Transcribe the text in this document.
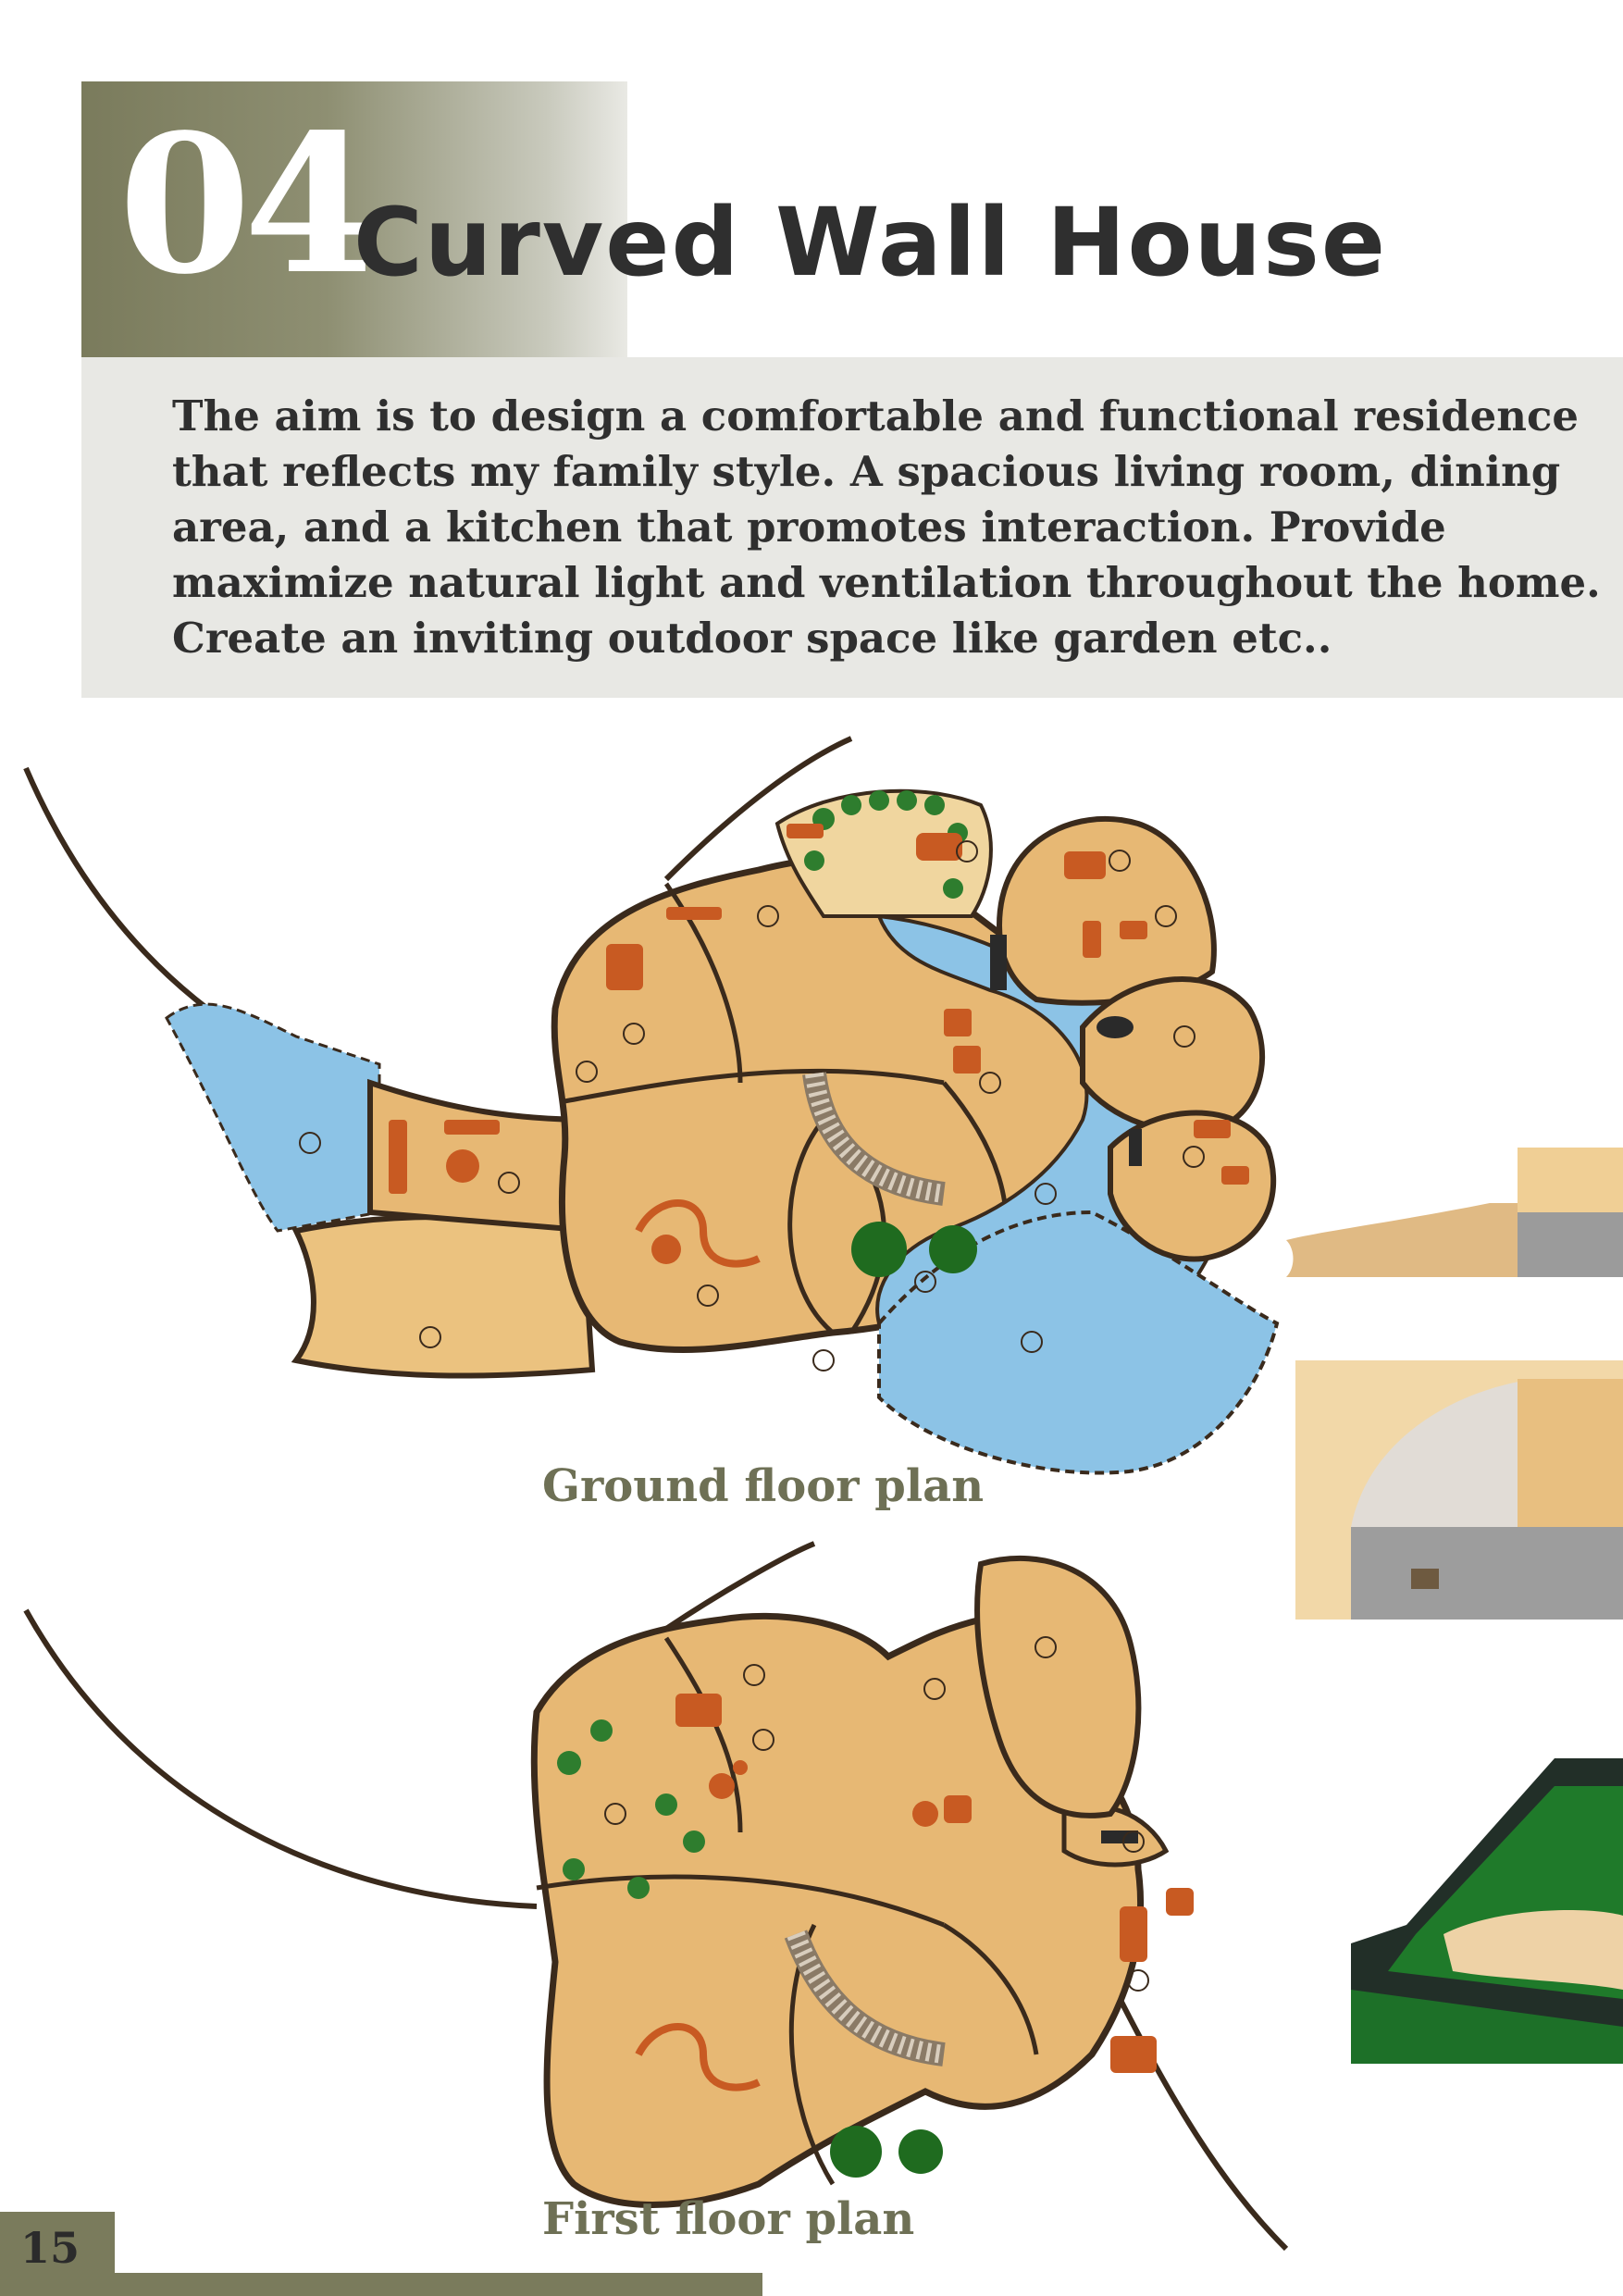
04
Curved Wall House

The aim is to design a comfortable and functional residence that reflects my family style. A spacious living room, dining area, and a kitchen that promotes interaction. Provide maximize natural light and ventilation throughout the home. Create an inviting outdoor space like garden etc..

Ground floor plan
First floor plan
15
